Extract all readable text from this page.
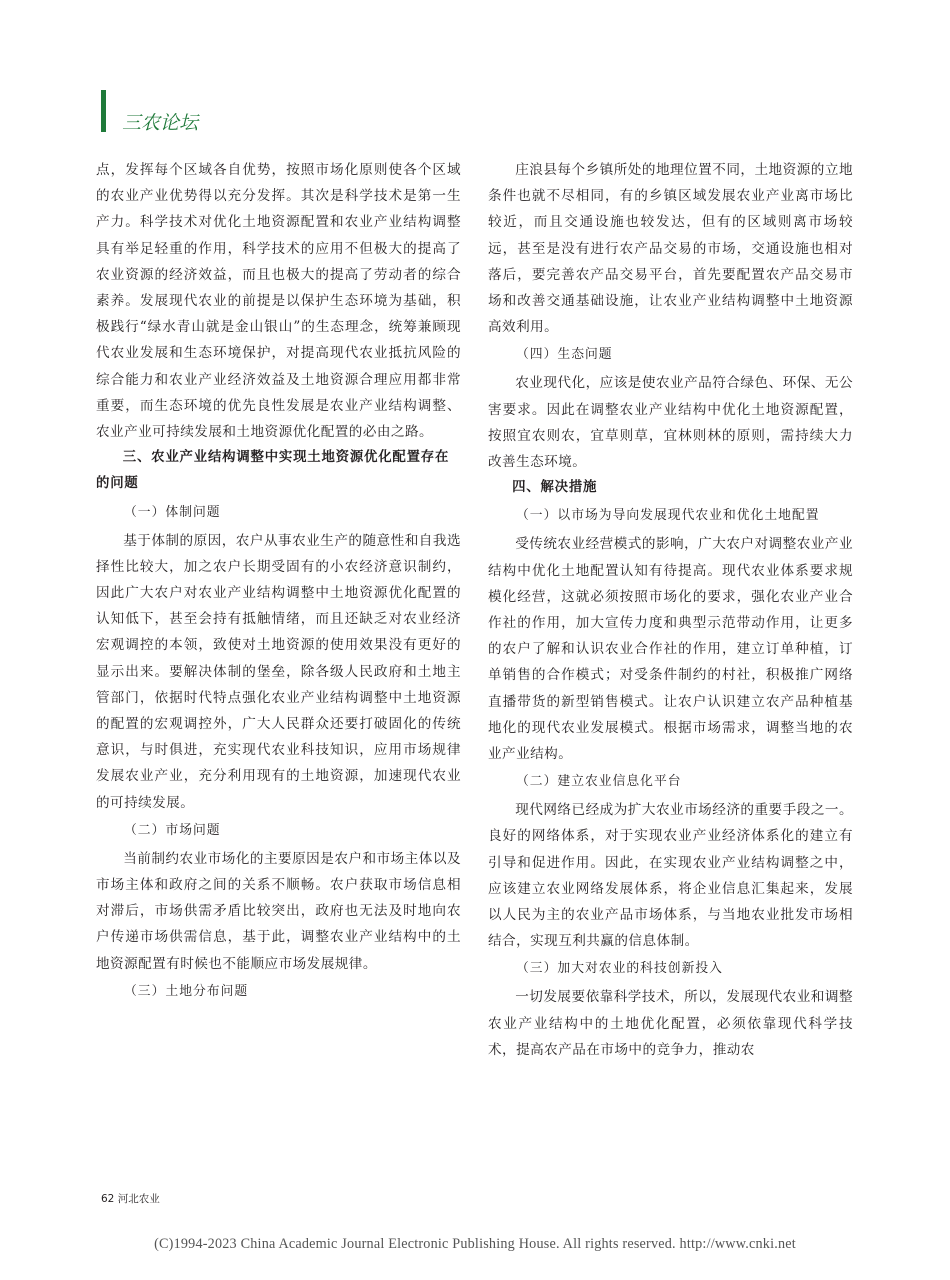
三农论坛

点，发挥每个区域各自优势，按照市场化原则使各个区域的农业产业优势得以充分发挥。其次是科学技术是第一生产力。科学技术对优化土地资源配置和农业产业结构调整具有举足轻重的作用，科学技术的应用不但极大的提高了农业资源的经济效益，而且也极大的提高了劳动者的综合素养。发展现代农业的前提是以保护生态环境为基础，积极践行“绿水青山就是金山银山”的生态理念，统筹兼顾现代农业发展和生态环境保护，对提高现代农业抵抗风险的综合能力和农业产业经济效益及土地资源合理应用都非常重要，而生态环境的优先良性发展是农业产业结构调整、农业产业可持续发展和土地资源优化配置的必由之路。

三、农业产业结构调整中实现土地资源优化配置存在的问题
（一）体制问题

基于体制的原因，农户从事农业生产的随意性和自我选择性比较大，加之农户长期受固有的小农经济意识制约，因此广大农户对农业产业结构调整中土地资源优化配置的认知低下，甚至会持有抵触情绪，而且还缺乏对农业经济宏观调控的本领，致使对土地资源的使用效果没有更好的显示出来。要解决体制的堡垒，除各级人民政府和土地主管部门，依据时代特点强化农业产业结构调整中土地资源的配置的宏观调控外，广大人民群众还要打破固化的传统意识，与时俱进，充实现代农业科技知识，应用市场规律发展农业产业，充分利用现有的土地资源，加速现代农业的可持续发展。

（二）市场问题

当前制约农业市场化的主要原因是农户和市场主体以及市场主体和政府之间的关系不顺畅。农户获取市场信息相对滞后，市场供需矛盾比较突出，政府也无法及时地向农户传递市场供需信息，基于此，调整农业产业结构中的土地资源配置有时候也不能顺应市场发展规律。

（三）土地分布问题

庄浪县每个乡镇所处的地理位置不同，土地资源的立地条件也就不尽相同，有的乡镇区域发展农业产业离市场比较近，而且交通设施也较发达，但有的区域则离市场较远，甚至是没有进行农产品交易的市场，交通设施也相对落后，要完善农产品交易平台，首先要配置农产品交易市场和改善交通基础设施，让农业产业结构调整中土地资源高效利用。

（四）生态问题

农业现代化，应该是使农业产品符合绿色、环保、无公害要求。因此在调整农业产业结构中优化土地资源配置，按照宜农则农，宜草则草，宜林则林的原则，需持续大力改善生态环境。

四、解决措施
（一）以市场为导向发展现代农业和优化土地配置

受传统农业经营模式的影响，广大农户对调整农业产业结构中优化土地配置认知有待提高。现代农业体系要求规模化经营，这就必须按照市场化的要求，强化农业产业合作社的作用，加大宣传力度和典型示范带动作用，让更多的农户了解和认识农业合作社的作用，建立订单种植，订单销售的合作模式；对受条件制约的村社，积极推广网络直播带货的新型销售模式。让农户认识建立农产品种植基地化的现代农业发展模式。根据市场需求，调整当地的农业产业结构。

（二）建立农业信息化平台

现代网络已经成为扩大农业市场经济的重要手段之一。良好的网络体系，对于实现农业产业经济体系化的建立有引导和促进作用。因此，在实现农业产业结构调整之中，应该建立农业网络发展体系，将企业信息汇集起来，发展以人民为主的农业产品市场体系，与当地农业批发市场相结合，实现互利共赢的信息体制。

（三）加大对农业的科技创新投入

一切发展要依靠科学技术，所以，发展现代农业和调整农业产业结构中的土地优化配置，必须依靠现代科学技术，提高农产品在市场中的竞争力，推动农

62 河北农业

(C)1994-2023 China Academic Journal Electronic Publishing House. All rights reserved. http://www.cnki.net
